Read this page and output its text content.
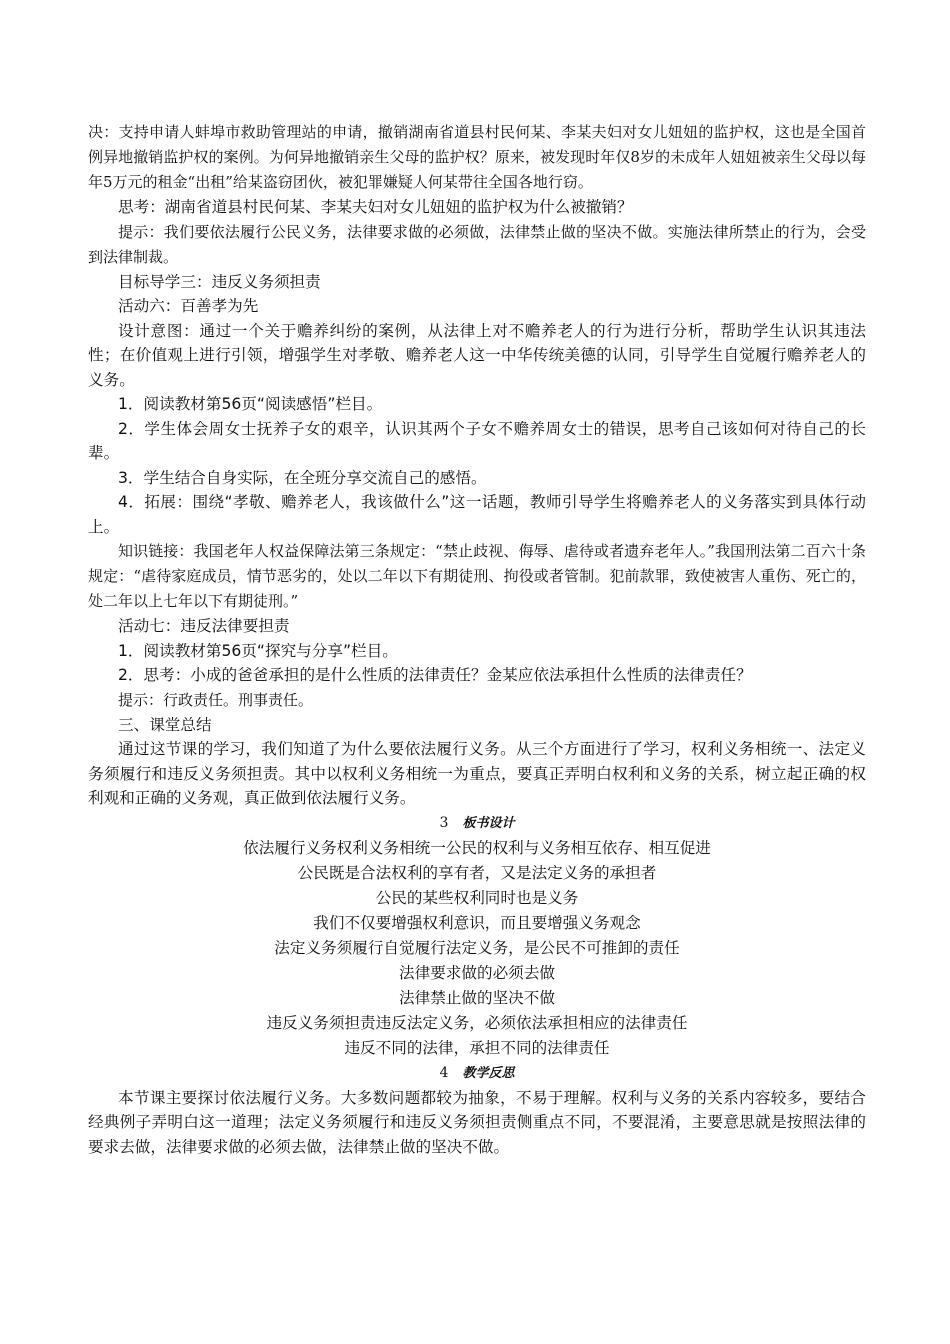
决：支持申请人蚌埠市救助管理站的申请，撤销湖南省道县村民何某、李某夫妇对女儿妞妞的监护权，这也是全国首例异地撤销监护权的案例。为何异地撤销亲生父母的监护权？原来，被发现时年仅8岁的未成年人妞妞被亲生父母以每年5万元的租金“出租”给某盗窃团伙，被犯罪嫌疑人何某带往全国各地行窃。

思考：湖南省道县村民何某、李某夫妇对女儿妞妞的监护权为什么被撤销？

提示：我们要依法履行公民义务，法律要求做的必须做，法律禁止做的坚决不做。实施法律所禁止的行为，会受到法律制裁。

目标导学三：违反义务须担责

活动六：百善孝为先

设计意图：通过一个关于赡养纠纷的案例，从法律上对不赡养老人的行为进行分析，帮助学生认识其违法性；在价值观上进行引领，增强学生对孝敬、赡养老人这一中华传统美德的认同，引导学生自觉履行赡养老人的义务。

1．阅读教材第56页“阅读感悟”栏目。

2．学生体会周女士抚养子女的艰辛，认识其两个子女不赡养周女士的错误，思考自己该如何对待自己的长辈。

3．学生结合自身实际，在全班分享交流自己的感悟。

4．拓展：围绕“孝敬、赡养老人，我该做什么”这一话题，教师引导学生将赡养老人的义务落实到具体行动上。

知识链接：我国老年人权益保障法第三条规定：“禁止歧视、侮辱、虐待或者遗弃老年人。”我国刑法第二百六十条规定：“虐待家庭成员，情节恶劣的，处以二年以下有期徒刑、拘役或者管制。犯前款罪，致使被害人重伤、死亡的，处二年以上七年以下有期徒刑。”

活动七：违反法律要担责

1．阅读教材第56页“探究与分享”栏目。

2．思考：小成的爸爸承担的是什么性质的法律责任？金某应依法承担什么性质的法律责任？

提示：行政责任。刑事责任。

三、课堂总结

通过这节课的学习，我们知道了为什么要依法履行义务。从三个方面进行了学习，权利义务相统一、法定义务须履行和违反义务须担责。其中以权利义务相统一为重点，要真正弄明白权利和义务的关系，树立起正确的权利观和正确的义务观，真正做到依法履行义务。

3 板书设计

依法履行义务权利义务相统一公民的权利与义务相互依存、相互促进

公民既是合法权利的享有者，又是法定义务的承担者

公民的某些权利同时也是义务

我们不仅要增强权利意识，而且要增强义务观念

法定义务须履行自觉履行法定义务，是公民不可推卸的责任

法律要求做的必须去做

法律禁止做的坚决不做

违反义务须担责违反法定义务，必须依法承担相应的法律责任

违反不同的法律，承担不同的法律责任

4 教学反思

本节课主要探讨依法履行义务。大多数问题都较为抽象，不易于理解。权利与义务的关系内容较多，要结合经典例子弄明白这一道理；法定义务须履行和违反义务须担责侧重点不同，不要混淆，主要意思就是按照法律的要求去做，法律要求做的必须去做，法律禁止做的坚决不做。
